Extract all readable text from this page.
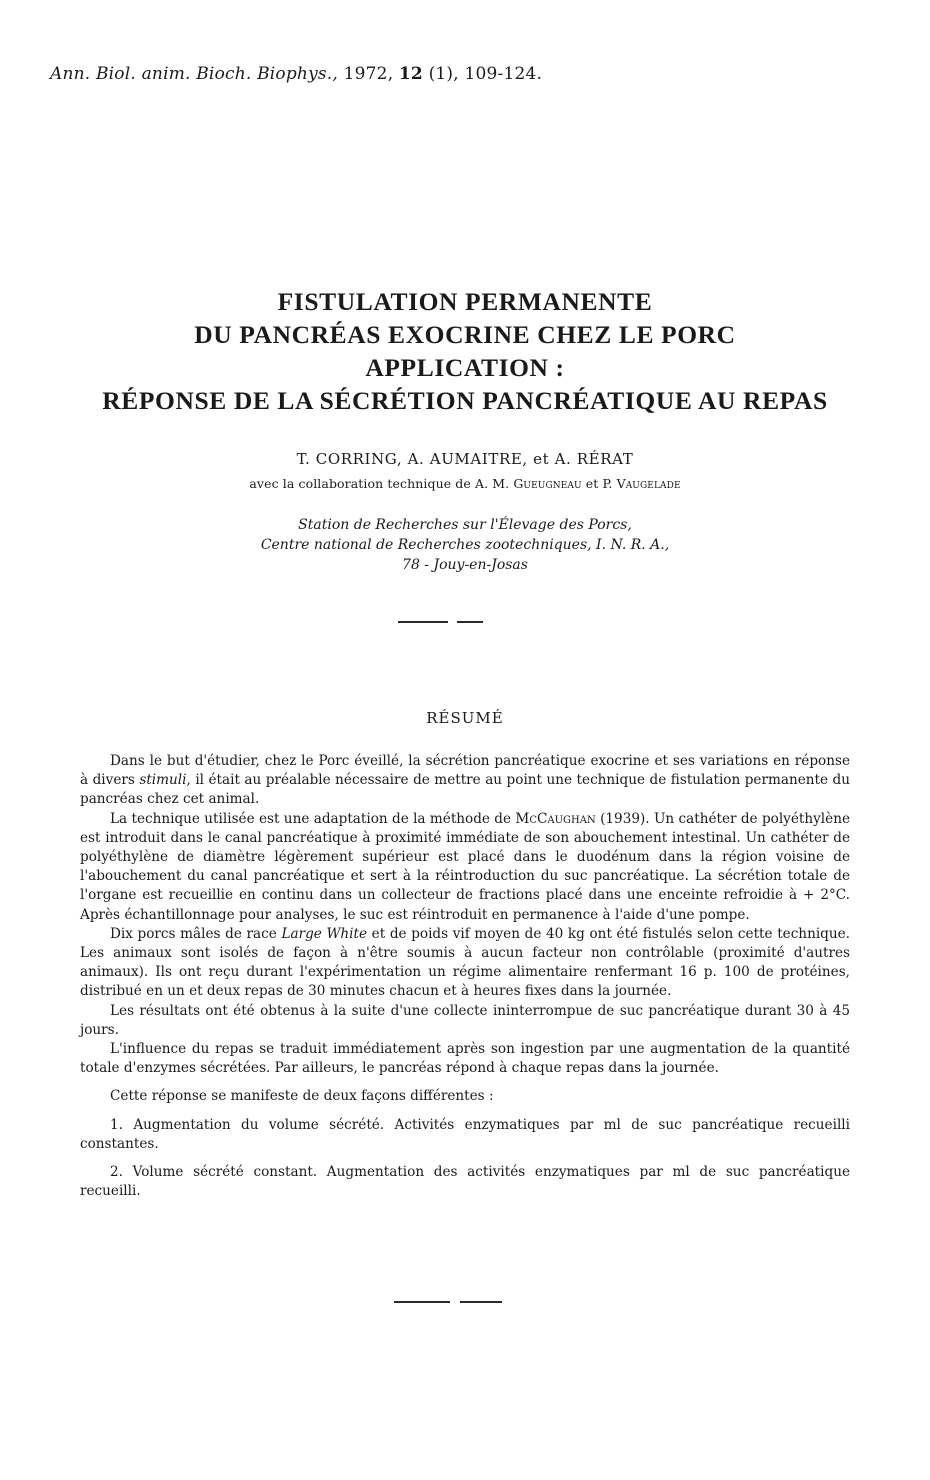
Ann. Biol. anim. Bioch. Biophys., 1972, 12 (1), 109-124.
FISTULATION PERMANENTE
DU PANCRÉAS EXOCRINE CHEZ LE PORC
APPLICATION :
RÉPONSE DE LA SÉCRÉTION PANCRÉATIQUE AU REPAS
T. CORRING, A. AUMAITRE, et A. RÉRAT
avec la collaboration technique de A. M. Gueugneau et P. Vaugelade
Station de Recherches sur l'Élevage des Porcs,
Centre national de Recherches zootechniques, I. N. R. A.,
78 - Jouy-en-Josas
RÉSUMÉ

Dans le but d'étudier, chez le Porc éveillé, la sécrétion pancréatique exocrine et ses variations en réponse à divers stimuli, il était au préalable nécessaire de mettre au point une technique de fistulation permanente du pancréas chez cet animal.

La technique utilisée est une adaptation de la méthode de McCaughan (1939). Un cathéter de polyéthylène est introduit dans le canal pancréatique à proximité immédiate de son abouchement intestinal. Un cathéter de polyéthylène de diamètre légèrement supérieur est placé dans le duodénum dans la région voisine de l'abouchement du canal pancréatique et sert à la réintroduction du suc pancréatique. La sécrétion totale de l'organe est recueillie en continu dans un collecteur de fractions placé dans une enceinte refroidie à + 2°C. Après échantillonnage pour analyses, le suc est réintroduit en permanence à l'aide d'une pompe.

Dix porcs mâles de race Large White et de poids vif moyen de 40 kg ont été fistulés selon cette technique. Les animaux sont isolés de façon à n'être soumis à aucun facteur non contrôlable (proximité d'autres animaux). Ils ont reçu durant l'expérimentation un régime alimentaire renfermant 16 p. 100 de protéines, distribué en un et deux repas de 30 minutes chacun et à heures fixes dans la journée.

Les résultats ont été obtenus à la suite d'une collecte ininterrompue de suc pancréatique durant 30 à 45 jours.

L'influence du repas se traduit immédiatement après son ingestion par une augmentation de la quantité totale d'enzymes sécrétées. Par ailleurs, le pancréas répond à chaque repas dans la journée.

Cette réponse se manifeste de deux façons différentes :

1. Augmentation du volume sécrété. Activités enzymatiques par ml de suc pancréatique recueilli constantes.

2. Volume sécrété constant. Augmentation des activités enzymatiques par ml de suc pancréatique recueilli.
